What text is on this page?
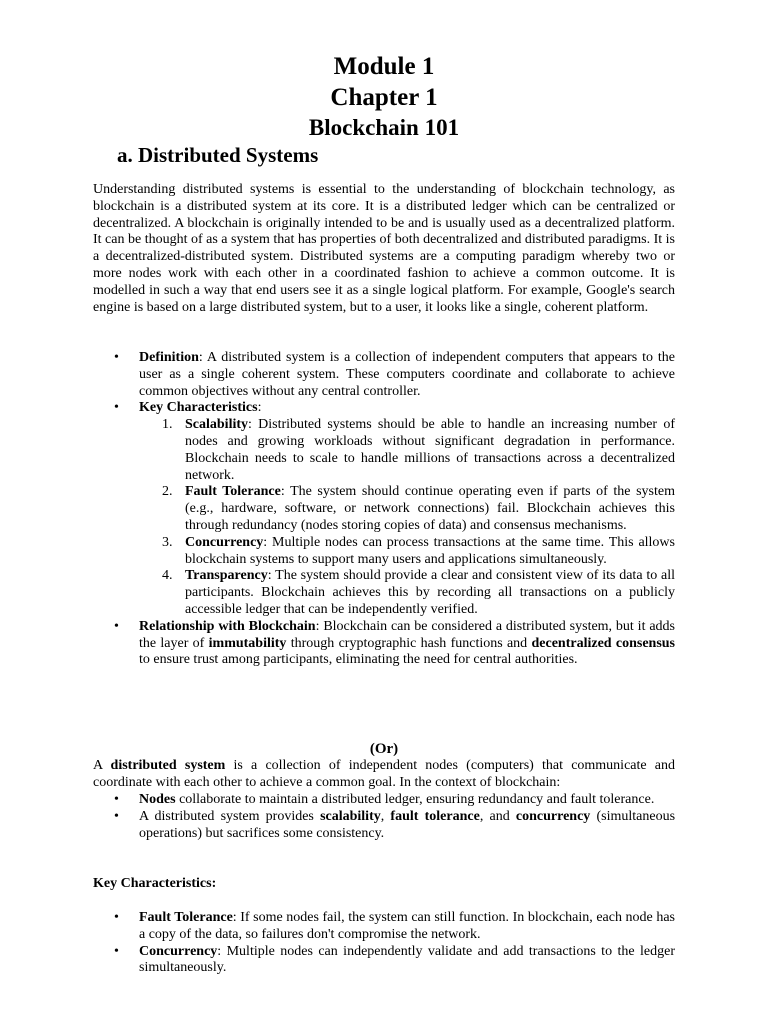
Module 1
Chapter 1
Blockchain 101
a. Distributed Systems

Understanding distributed systems is essential to the understanding of blockchain technology, as blockchain is a distributed system at its core. It is a distributed ledger which can be centralized or decentralized. A blockchain is originally intended to be and is usually used as a decentralized platform. It can be thought of as a system that has properties of both decentralized and distributed paradigms. It is a decentralized-distributed system. Distributed systems are a computing paradigm whereby two or more nodes work with each other in a coordinated fashion to achieve a common outcome. It is modelled in such a way that end users see it as a single logical platform. For example, Google's search engine is based on a large distributed system, but to a user, it looks like a single, coherent platform.

• Definition: A distributed system is a collection of independent computers that appears to the user as a single coherent system. These computers coordinate and collaborate to achieve common objectives without any central controller.
• Key Characteristics:
1. Scalability: Distributed systems should be able to handle an increasing number of nodes and growing workloads without significant degradation in performance. Blockchain needs to scale to handle millions of transactions across a decentralized network.
2. Fault Tolerance: The system should continue operating even if parts of the system (e.g., hardware, software, or network connections) fail. Blockchain achieves this through redundancy (nodes storing copies of data) and consensus mechanisms.
3. Concurrency: Multiple nodes can process transactions at the same time. This allows blockchain systems to support many users and applications simultaneously.
4. Transparency: The system should provide a clear and consistent view of its data to all participants. Blockchain achieves this by recording all transactions on a publicly accessible ledger that can be independently verified.
• Relationship with Blockchain: Blockchain can be considered a distributed system, but it adds the layer of immutability through cryptographic hash functions and decentralized consensus to ensure trust among participants, eliminating the need for central authorities.
(Or)

A distributed system is a collection of independent nodes (computers) that communicate and coordinate with each other to achieve a common goal. In the context of blockchain:

• Nodes collaborate to maintain a distributed ledger, ensuring redundancy and fault tolerance.
• A distributed system provides scalability, fault tolerance, and concurrency (simultaneous operations) but sacrifices some consistency.
Key Characteristics:
• Fault Tolerance: If some nodes fail, the system can still function. In blockchain, each node has a copy of the data, so failures don't compromise the network.
• Concurrency: Multiple nodes can independently validate and add transactions to the ledger simultaneously.
